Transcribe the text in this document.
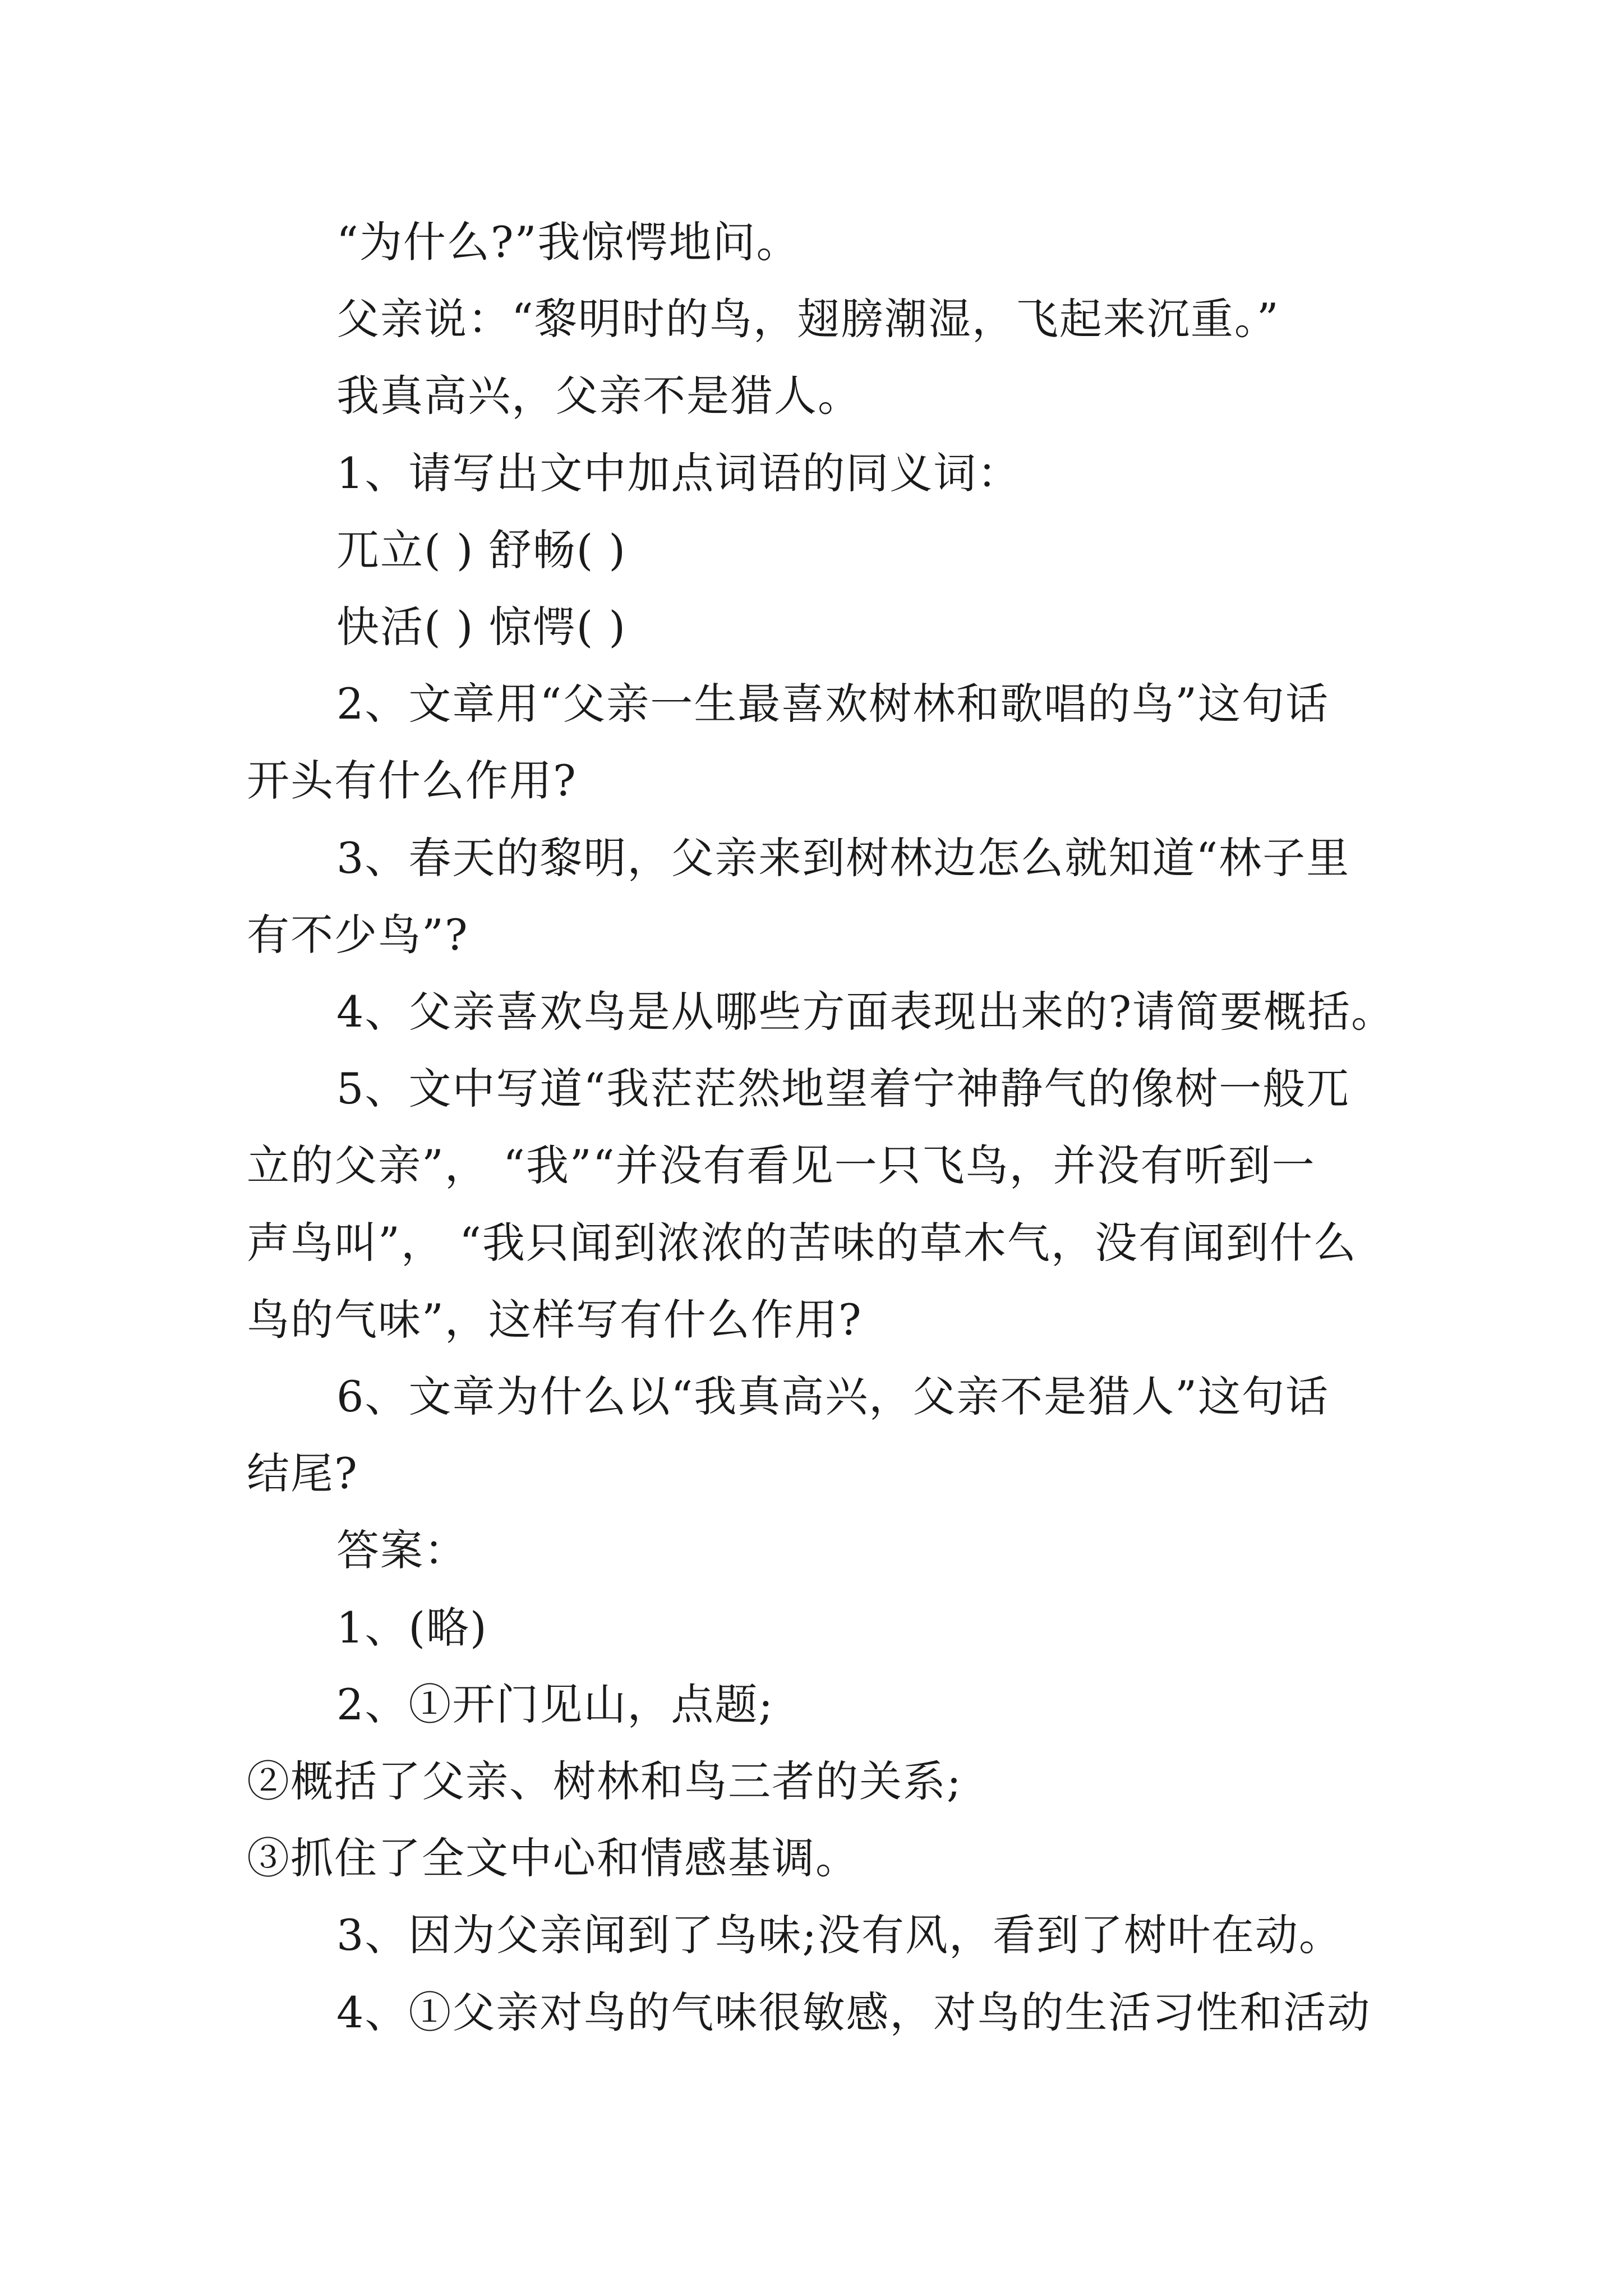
“为什么?”我惊愕地问。
父亲说：“黎明时的鸟，翅膀潮湿，飞起来沉重。”
我真高兴，父亲不是猎人。
1、请写出文中加点词语的同义词：
兀立( ) 舒畅( )
快活( ) 惊愕( )
2、文章用“父亲一生最喜欢树林和歌唱的鸟”这句话
开头有什么作用?
3、春天的黎明，父亲来到树林边怎么就知道“林子里
有不少鸟”?
4、父亲喜欢鸟是从哪些方面表现出来的?请简要概括。
5、文中写道“我茫茫然地望着宁神静气的像树一般兀
立的父亲”， “我”“并没有看见一只飞鸟，并没有听到一
声鸟叫”， “我只闻到浓浓的苦味的草木气，没有闻到什么
鸟的气味”，这样写有什么作用?
6、文章为什么以“我真高兴，父亲不是猎人”这句话
结尾?
答案：
1、(略)
2、①开门见山，点题;
②概括了父亲、树林和鸟三者的关系;
③抓住了全文中心和情感基调。
3、因为父亲闻到了鸟味;没有风，看到了树叶在动。
4、①父亲对鸟的气味很敏感，对鸟的生活习性和活动
